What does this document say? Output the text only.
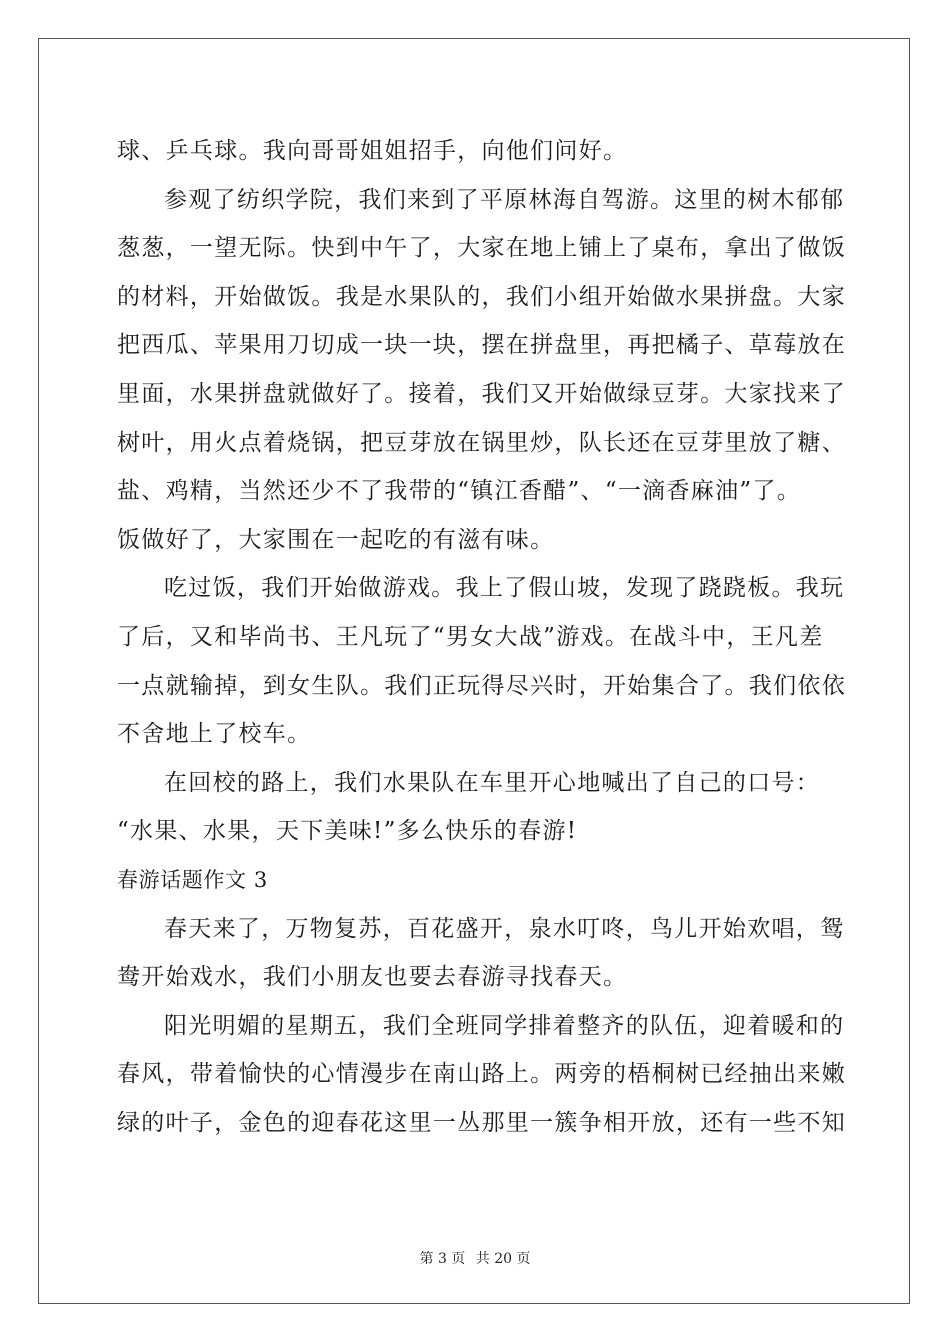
球、乒乓球。我向哥哥姐姐招手，向他们问好。
参观了纺织学院，我们来到了平原林海自驾游。这里的树木郁郁
葱葱，一望无际。快到中午了，大家在地上铺上了桌布，拿出了做饭
的材料，开始做饭。我是水果队的，我们小组开始做水果拼盘。大家
把西瓜、苹果用刀切成一块一块，摆在拼盘里，再把橘子、草莓放在
里面，水果拼盘就做好了。接着，我们又开始做绿豆芽。大家找来了
树叶，用火点着烧锅，把豆芽放在锅里炒，队长还在豆芽里放了糖、
盐、鸡精，当然还少不了我带的“镇江香醋”、“一滴香麻油”了。
饭做好了，大家围在一起吃的有滋有味。
吃过饭，我们开始做游戏。我上了假山坡，发现了跷跷板。我玩
了后，又和毕尚书、王凡玩了“男女大战”游戏。在战斗中，王凡差
一点就输掉，到女生队。我们正玩得尽兴时，开始集合了。我们依依
不舍地上了校车。
在回校的路上，我们水果队在车里开心地喊出了自己的口号：
“水果、水果，天下美味!”多么快乐的春游!
春游话题作文 3
春天来了，万物复苏，百花盛开，泉水叮咚，鸟儿开始欢唱，鸳
鸯开始戏水，我们小朋友也要去春游寻找春天。
阳光明媚的星期五，我们全班同学排着整齐的队伍，迎着暖和的
春风，带着愉快的心情漫步在南山路上。两旁的梧桐树已经抽出来嫩
绿的叶子，金色的迎春花这里一丛那里一簇争相开放，还有一些不知
第 3 页 共 20 页
